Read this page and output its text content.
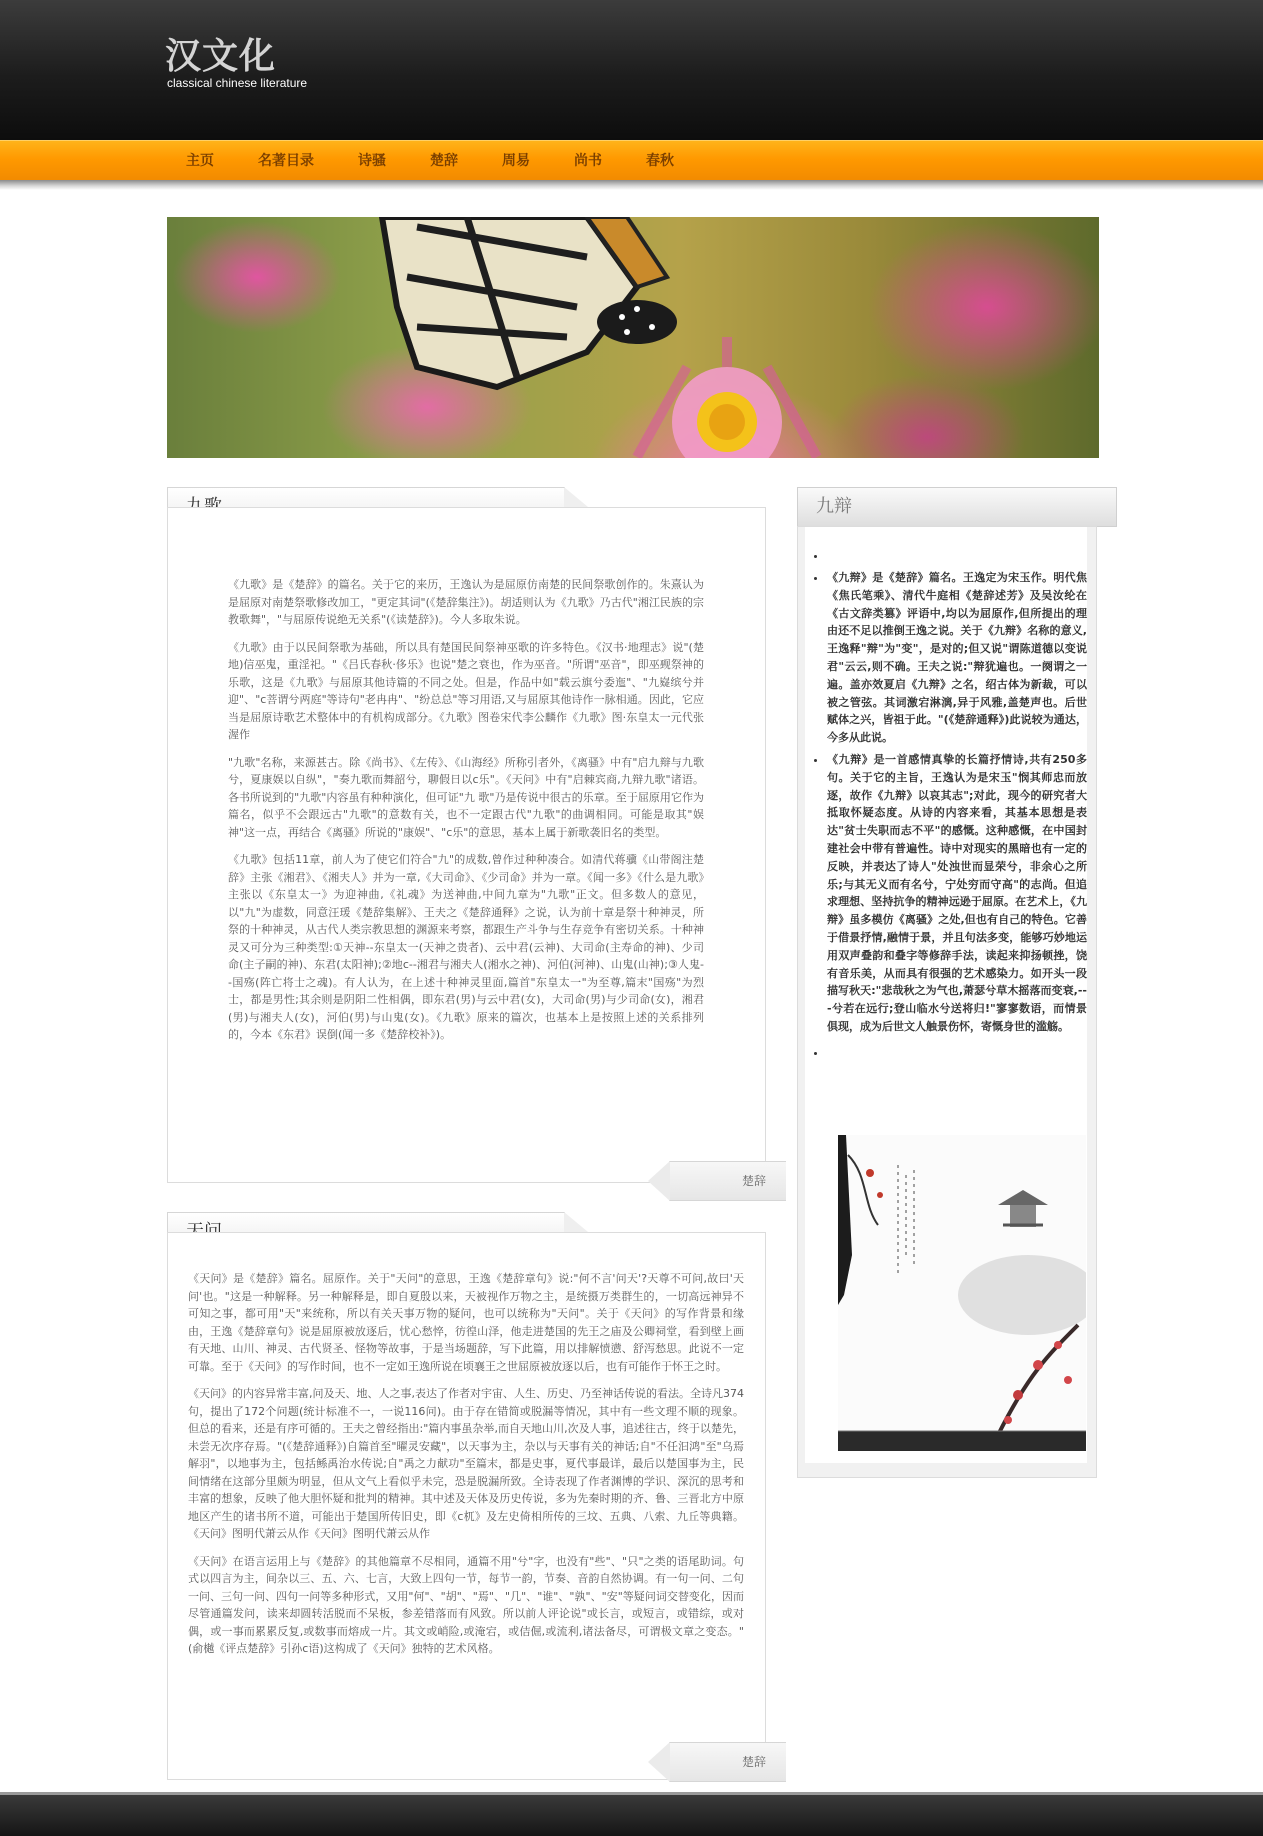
汉文化
classical chinese literature
主页	名著目录	诗骚	楚辞	周易	尚书	春秋

《九歌》是《楚辞》的篇名。关于它的来历，王逸认为是屈原仿南楚的民间祭歌创作的。朱熹认为是屈原对南楚祭歌修改加工，"更定其词"(《楚辞集注》)。胡适则认为《九歌》乃古代"湘江民族的宗教歌舞"，"与屈原传说绝无关系"(《读楚辞》)。今人多取朱说。

《九歌》由于以民间祭歌为基础，所以具有楚国民间祭神巫歌的许多特色。《汉书·地理志》说"(楚地)信巫鬼，重淫祀。"《吕氏春秋·侈乐》也说"楚之衰也，作为巫音。"所谓"巫音"，即巫觋祭神的乐歌，这是《九歌》与屈原其他诗篇的不同之处。但是，作品中如"载云旗兮委迤"、"九嶷缤兮并迎"、"c菩谓兮两庭"等诗句"老冉冉"、"纷总总"等习用语,又与屈原其他诗作一脉相通。因此，它应当是屈原诗歌艺术整体中的有机构成部分。《九歌》图卷宋代李公麟作《九歌》图·东皇太一元代张渥作

"九歌"名称，来源甚古。除《尚书》、《左传》、《山海经》所称引者外，《离骚》中有"启九辩与九歌兮，夏康娱以自纵"，"奏九歌而舞韶兮，聊假日以c乐"。《天问》中有"启棘宾商,九辩九歌"诸语。各书所说到的"九歌"内容虽有种种演化，但可证"九 歌"乃是传说中很古的乐章。至于屈原用它作为篇名，似乎不会跟远古"九歌"的意数有关，也不一定跟古代"九歌"的曲调相同。可能是取其"娱神"这一点，再结合《离骚》所说的"康娱"、"c乐"的意思，基本上属于新歌袭旧名的类型。

《九歌》包括11章，前人为了使它们符合"九"的成数,曾作过种种凑合。如清代蒋骥《山带阁注楚辞》主张《湘君》、《湘夫人》并为一章,《大司命》、《少司命》并为一章。《闻一多》《什么是九歌》主张以《东皇太一》为迎神曲,《礼魂》为送神曲,中间九章为"九歌"正文。但多数人的意见，以"九"为虚数，同意汪瑗《楚辞集解》、王夫之《楚辞通释》之说，认为前十章是祭十种神灵，所祭的十种神灵，从古代人类宗教思想的渊源来考察，都跟生产斗争与生存竞争有密切关系。十种神灵又可分为三种类型:①天神--东皇太一(天神之贵者)、云中君(云神)、大司命(主寿命的神)、少司命(主子嗣的神)、东君(太阳神);②地c--湘君与湘夫人(湘水之神)、河伯(河神)、山鬼(山神);③人鬼--国殇(阵亡将士之魂)。有人认为，在上述十种神灵里面,篇首"东皇太一"为至尊,篇末"国殇"为烈士，都是男性;其余则是阴阳二性相偶，即东君(男)与云中君(女)，大司命(男)与少司命(女)，湘君(男)与湘夫人(女)，河伯(男)与山鬼(女)。《九歌》原来的篇次，也基本上是按照上述的关系排列的，今本《东君》误倒(闻一多《楚辞校补》)。

楚辞

《天问》是《楚辞》篇名。屈原作。关于"天问"的意思，王逸《楚辞章句》说:"何不言'问天'?天尊不可问,故曰'天问'也。"这是一种解释。另一种解释是，即自夏殷以来，天被视作万物之主，是统摄万类群生的，一切高远神异不可知之事，都可用"天"来统称，所以有关天事万物的疑问，也可以统称为"天问"。关于《天问》的写作背景和缘由，王逸《楚辞章句》说是屈原被放逐后，忧心愁悴，彷徨山泽，他走进楚国的先王之庙及公卿祠堂，看到壁上画有天地、山川、神灵、古代贤圣、怪物等故事，于是当场题辞，写下此篇，用以排解愤懑、舒泻愁思。此说不一定可靠。至于《天问》的写作时间，也不一定如王逸所说在顷襄王之世屈原被放逐以后，也有可能作于怀王之时。

《天问》的内容异常丰富,问及天、地、人之事,表达了作者对宇宙、人生、历史、乃至神话传说的看法。全诗凡374句，提出了172个问题(统计标准不一，一说116问)。由于存在错简或脱漏等情况，其中有一些文理不顺的现象。但总的看来，还是有序可循的。王夫之曾经指出:"篇内事虽杂举,而自天地山川,次及人事，追述往古，终于以楚先，未尝无次序存焉。"(《楚辞通释》)自篇首至"曜灵安藏"，以天事为主，杂以与天事有关的神话;自"不任汩鸿"至"乌焉解羽"，以地事为主，包括鲧禹治水传说;自"禹之力献功"至篇末，都是史事，夏代事最详，最后以楚国事为主，民间情绪在这部分里颇为明显，但从文气上看似乎未完，恐是脱漏所致。全诗表现了作者渊博的学识、深沉的思考和丰富的想象，反映了他大胆怀疑和批判的精神。其中述及天体及历史传说，多为先秦时期的齐、鲁、三晋北方中原地区产生的诸书所不道，可能出于楚国所传旧史，即《c杌》及左史倚相所传的三坟、五典、八索、九丘等典籍。《天问》图明代萧云从作《天问》图明代萧云从作

《天问》在语言运用上与《楚辞》的其他篇章不尽相同，通篇不用"兮"字，也没有"些"、"只"之类的语尾助词。句式以四言为主，间杂以三、五、六、七言，大致上四句一节，每节一韵，节奏、音韵自然协调。有一句一问、二句一问、三句一问、四句一问等多种形式，又用"何"、"胡"、"焉"、"几"、"谁"、"孰"、"安"等疑问词交替变化，因而尽管通篇发问，读来却圆转活脱而不呆板，参差错落而有风致。所以前人评论说"或长言，或短言，或错综，或对偶，或一事而累累反复,或数事而熔成一片。其文或峭险,或淹宕，或佶倔,或流利,诸法备尽，可谓极文章之变态。"(俞樾《评点楚辞》引孙c语)这构成了《天问》独特的艺术风格。

楚辞
九辩
•
• 《九辩》是《楚辞》篇名。王逸定为宋玉作。明代焦《焦氏笔乘》、清代牛庭相《楚辞述芳》及吴汝纶在《古文辞类篡》评语中,均以为屈原作,但所提出的理由还不足以推倒王逸之说。关于《九辩》名称的意义,王逸释"辩"为"变"，是对的;但又说"谓陈道德以变说君"云云,则不确。王夫之说:"辩犹遍也。一阕谓之一遍。盖亦效夏启《九辩》之名，绍古体为新裁，可以被之管弦。其词激宕淋漓,异于风雅,盖楚声也。后世赋体之兴，皆祖于此。"(《楚辞通释》)此说较为通达，今多从此说。
• 《九辩》是一首感情真挚的长篇抒情诗,共有250多句。关于它的主旨，王逸认为是宋玉"悯其师忠而放逐，故作《九辩》以哀其志";对此，现今的研究者大抵取怀疑态度。从诗的内容来看，其基本思想是表达"贫士失职而志不平"的感慨。这种感慨，在中国封建社会中带有普遍性。诗中对现实的黑暗也有一定的反映，并表达了诗人"处浊世而显荣兮，非余心之所乐;与其无义而有名兮，宁处穷而守高"的志尚。但追求理想、坚持抗争的精神远逊于屈原。在艺术上，《九辩》虽多模仿《离骚》之处,但也有自己的特色。它善于借景抒情,融情于景，并且句法多变，能够巧妙地运用双声叠韵和叠字等修辞手法，读起来抑扬顿挫，饶有音乐美，从而具有很强的艺术感染力。如开头一段描写秋天:"悲哉秋之为气也,萧瑟兮草木摇落而变衰,---兮若在远行;登山临水兮送将归!"寥寥数语，而情景俱现，成为后世文人触景伤怀，寄慨身世的滥觞。
•
